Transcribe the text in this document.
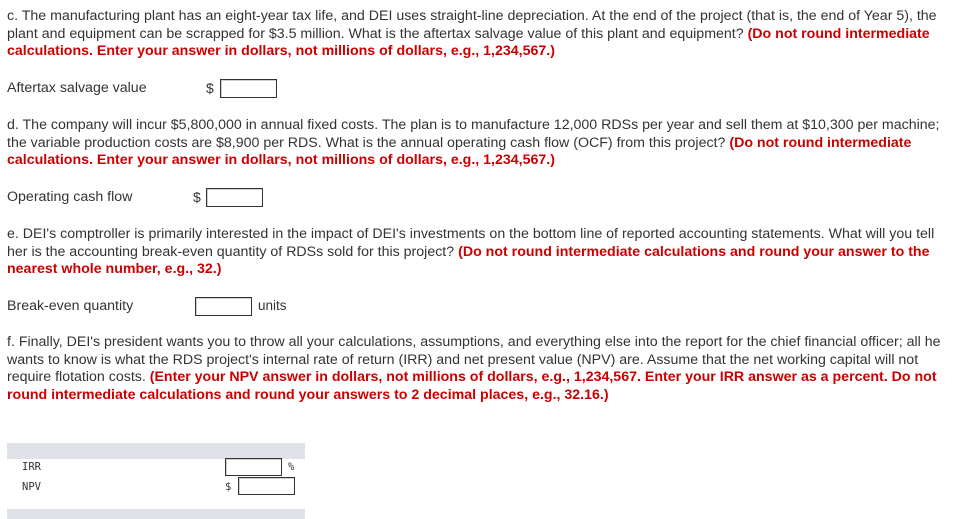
c. The manufacturing plant has an eight-year tax life, and DEI uses straight-line depreciation. At the end of the project (that is, the end of Year 5), the plant and equipment can be scrapped for $3.5 million. What is the aftertax salvage value of this plant and equipment? (Do not round intermediate calculations. Enter your answer in dollars, not millions of dollars, e.g., 1,234,567.)
Aftertax salvage value	$
d. The company will incur $5,800,000 in annual fixed costs. The plan is to manufacture 12,000 RDSs per year and sell them at $10,300 per machine; the variable production costs are $8,900 per RDS. What is the annual operating cash flow (OCF) from this project? (Do not round intermediate calculations. Enter your answer in dollars, not millions of dollars, e.g., 1,234,567.)
Operating cash flow	$
e. DEI's comptroller is primarily interested in the impact of DEI's investments on the bottom line of reported accounting statements. What will you tell her is the accounting break-even quantity of RDSs sold for this project? (Do not round intermediate calculations and round your answer to the nearest whole number, e.g., 32.)
Break-even quantity	units
f. Finally, DEI's president wants you to throw all your calculations, assumptions, and everything else into the report for the chief financial officer; all he wants to know is what the RDS project's internal rate of return (IRR) and net present value (NPV) are. Assume that the net working capital will not require flotation costs. (Enter your NPV answer in dollars, not millions of dollars, e.g., 1,234,567. Enter your IRR answer as a percent. Do not round intermediate calculations and round your answers to 2 decimal places, e.g., 32.16.)
IRR	%
NPV	$
